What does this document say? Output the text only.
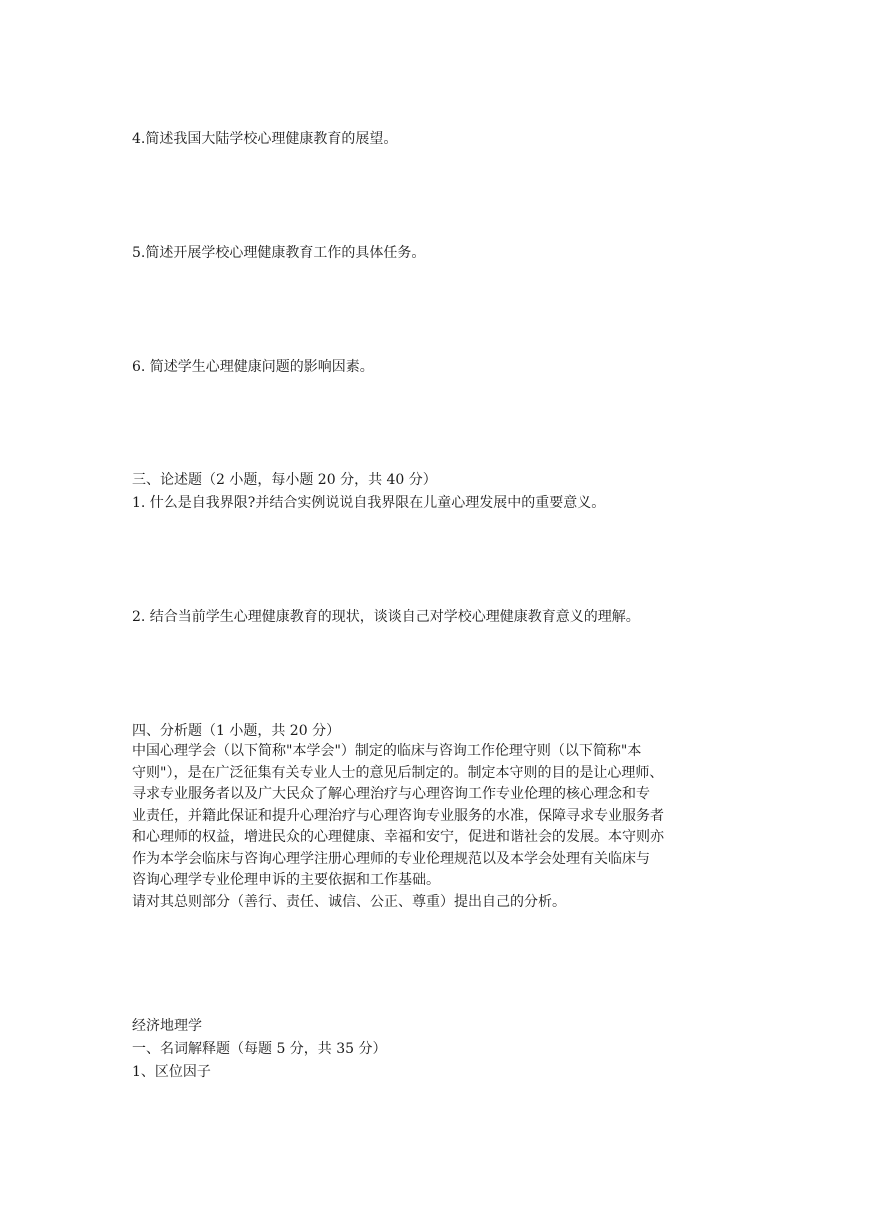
4.简述我国大陆学校心理健康教育的展望。
5.简述开展学校心理健康教育工作的具体任务。
6. 简述学生心理健康问题的影响因素。
三、论述题（2 小题，每小题 20 分，共 40 分）
1. 什么是自我界限?并结合实例说说自我界限在儿童心理发展中的重要意义。
2. 结合当前学生心理健康教育的现状，谈谈自己对学校心理健康教育意义的理解。
四、分析题（1 小题，共 20 分）

中国心理学会（以下简称"本学会"）制定的临床与咨询工作伦理守则（以下简称"本

守则"），是在广泛征集有关专业人士的意见后制定的。制定本守则的目的是让心理师、

寻求专业服务者以及广大民众了解心理治疗与心理咨询工作专业伦理的核心理念和专

业责任，并籍此保证和提升心理治疗与心理咨询专业服务的水准，保障寻求专业服务者

和心理师的权益，增进民众的心理健康、幸福和安宁，促进和谐社会的发展。本守则亦

作为本学会临床与咨询心理学注册心理师的专业伦理规范以及本学会处理有关临床与

咨询心理学专业伦理申诉的主要依据和工作基础。

请对其总则部分（善行、责任、诚信、公正、尊重）提出自己的分析。

经济地理学
一、名词解释题（每题 5 分，共 35 分）
1、区位因子
